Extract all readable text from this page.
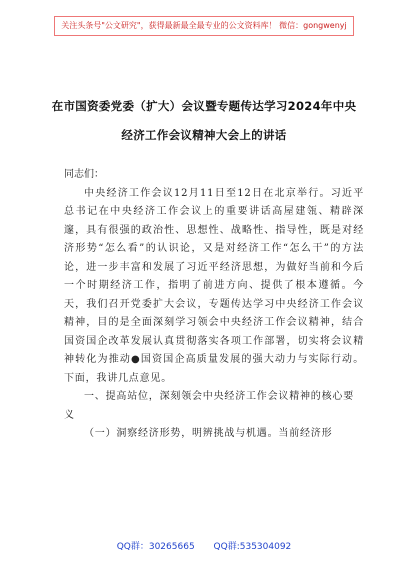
关注头条号"公文研究"，获得最新最全最专业的公文资料库！ 微信：gongwenyj
在市国资委党委（扩大）会议暨专题传达学习2024年中央
经济工作会议精神大会上的讲话

同志们：

中央经济工作会议12月11日至12日在北京举行。习近平总书记在中央经济工作会议上的重要讲话高屋建瓴、精辟深邃，具有很强的政治性、思想性、战略性、指导性，既是对经济形势“怎么看”的认识论，又是对经济工作“怎么干”的方法论，进一步丰富和发展了习近平经济思想，为做好当前和今后一个时期经济工作，指明了前进方向、提供了根本遵循。今天，我们召开党委扩大会议，专题传达学习中央经济工作会议精神，目的是全面深刻学习领会中央经济工作会议精神，结合国资国企改革发展认真贯彻落实各项工作部署，切实将会议精神转化为推动●国资国企高质量发展的强大动力与实际行动。下面，我讲几点意见。

一、提高站位，深刻领会中央经济工作会议精神的核心要义

（一）洞察经济形势，明辨挑战与机遇。当前经济形

QQ群：30265665 QQ群:535304092
